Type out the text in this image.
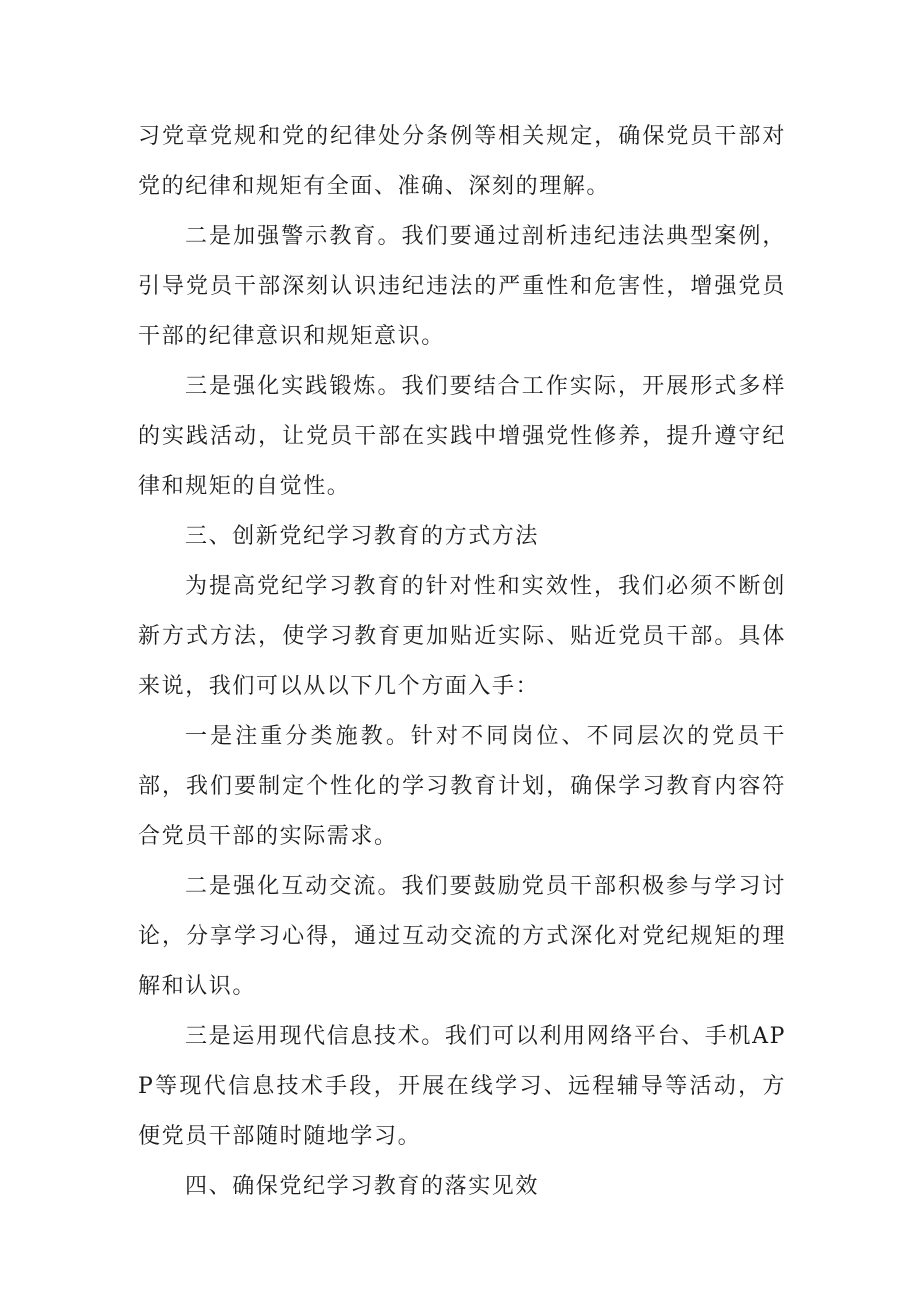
习党章党规和党的纪律处分条例等相关规定，确保党员干部对党的纪律和规矩有全面、准确、深刻的理解。

二是加强警示教育。我们要通过剖析违纪违法典型案例，引导党员干部深刻认识违纪违法的严重性和危害性，增强党员干部的纪律意识和规矩意识。

三是强化实践锻炼。我们要结合工作实际，开展形式多样的实践活动，让党员干部在实践中增强党性修养，提升遵守纪律和规矩的自觉性。

三、创新党纪学习教育的方式方法

为提高党纪学习教育的针对性和实效性，我们必须不断创新方式方法，使学习教育更加贴近实际、贴近党员干部。具体来说，我们可以从以下几个方面入手：

一是注重分类施教。针对不同岗位、不同层次的党员干部，我们要制定个性化的学习教育计划，确保学习教育内容符合党员干部的实际需求。

二是强化互动交流。我们要鼓励党员干部积极参与学习讨论，分享学习心得，通过互动交流的方式深化对党纪规矩的理解和认识。

三是运用现代信息技术。我们可以利用网络平台、手机APP等现代信息技术手段，开展在线学习、远程辅导等活动，方便党员干部随时随地学习。

四、确保党纪学习教育的落实见效
